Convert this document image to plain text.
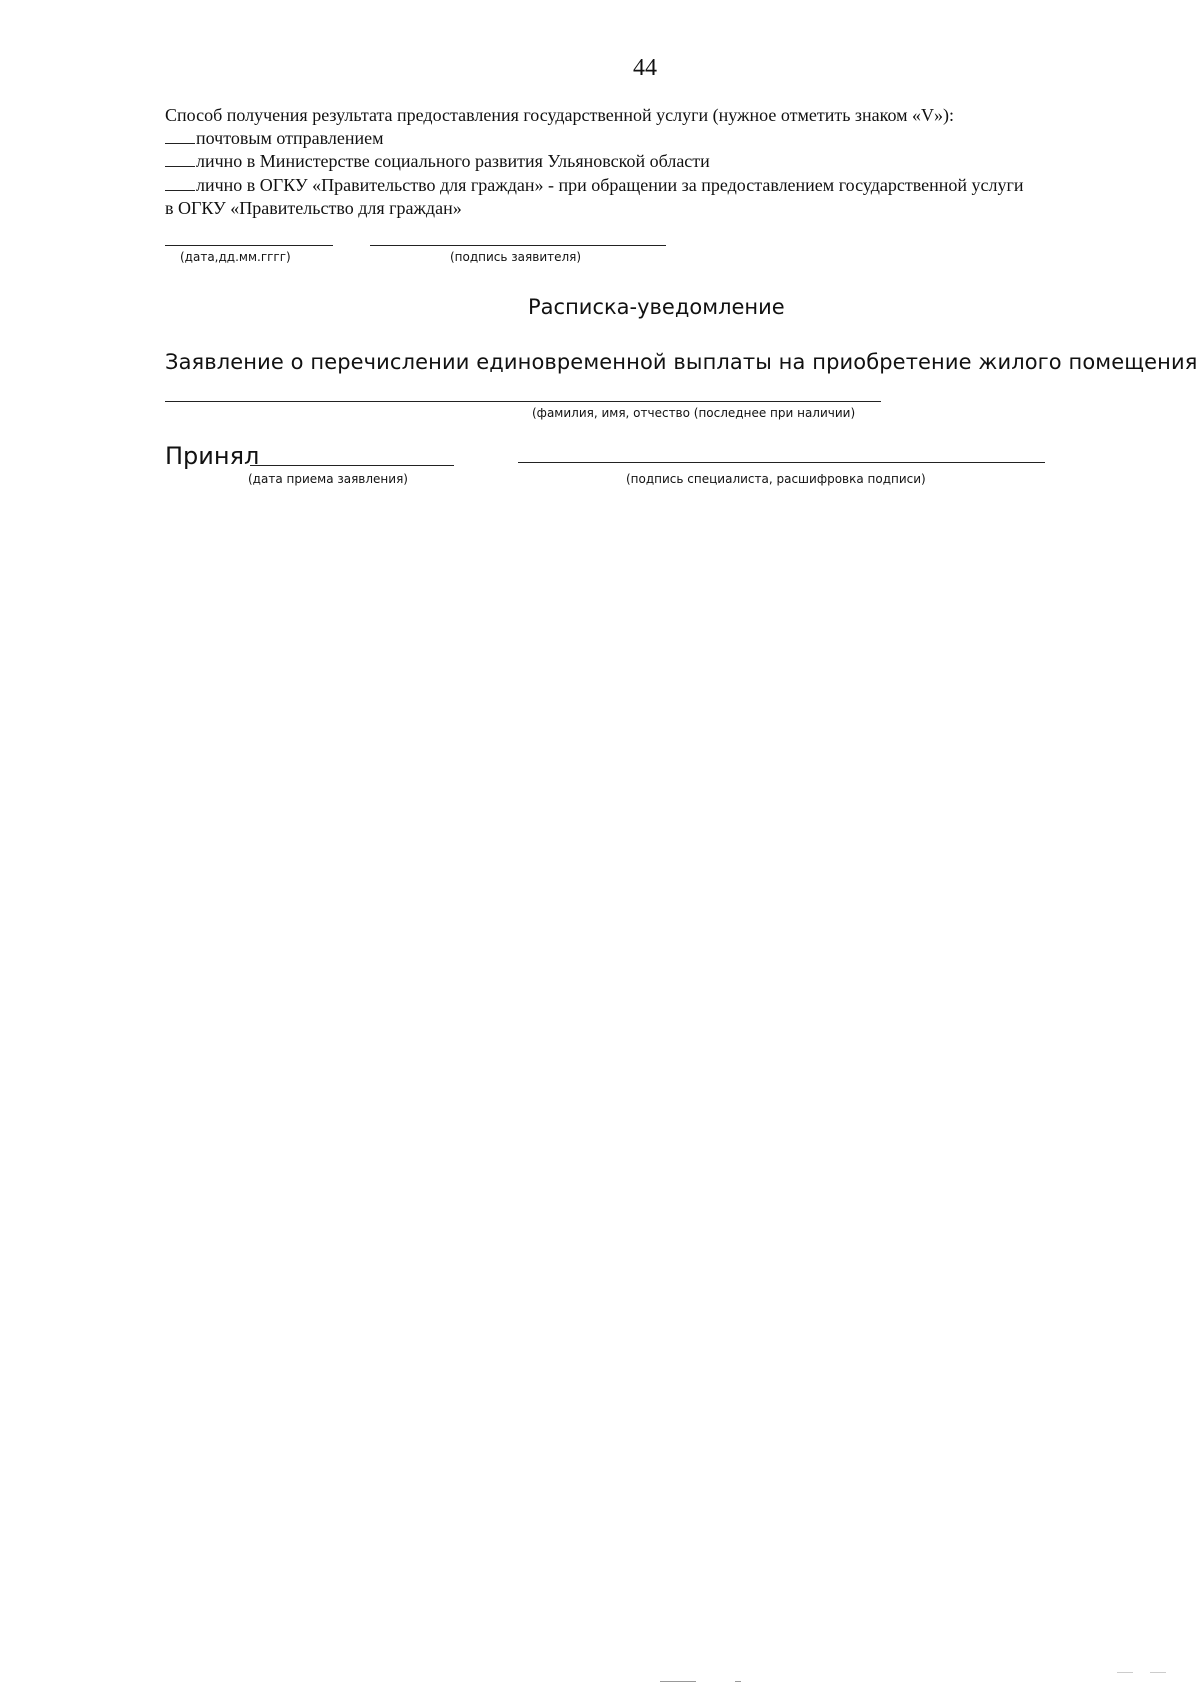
44
Способ получения результата предоставления государственной услуги (нужное отметить знаком «V»):
почтовым отправлением
лично в Министерстве социального развития Ульяновской области
лично в ОГКУ «Правительство для граждан» - при обращении за предоставлением государственной услуги
в ОГКУ «Правительство для граждан»
(дата,дд.мм.гггг)	(подпись заявителя)
Расписка-уведомление
Заявление о перечислении единовременной выплаты на приобретение жилого помещения
(фамилия, имя, отчество (последнее при наличии)
Принял
(дата приема заявления)	(подпись специалиста, расшифровка подписи)
